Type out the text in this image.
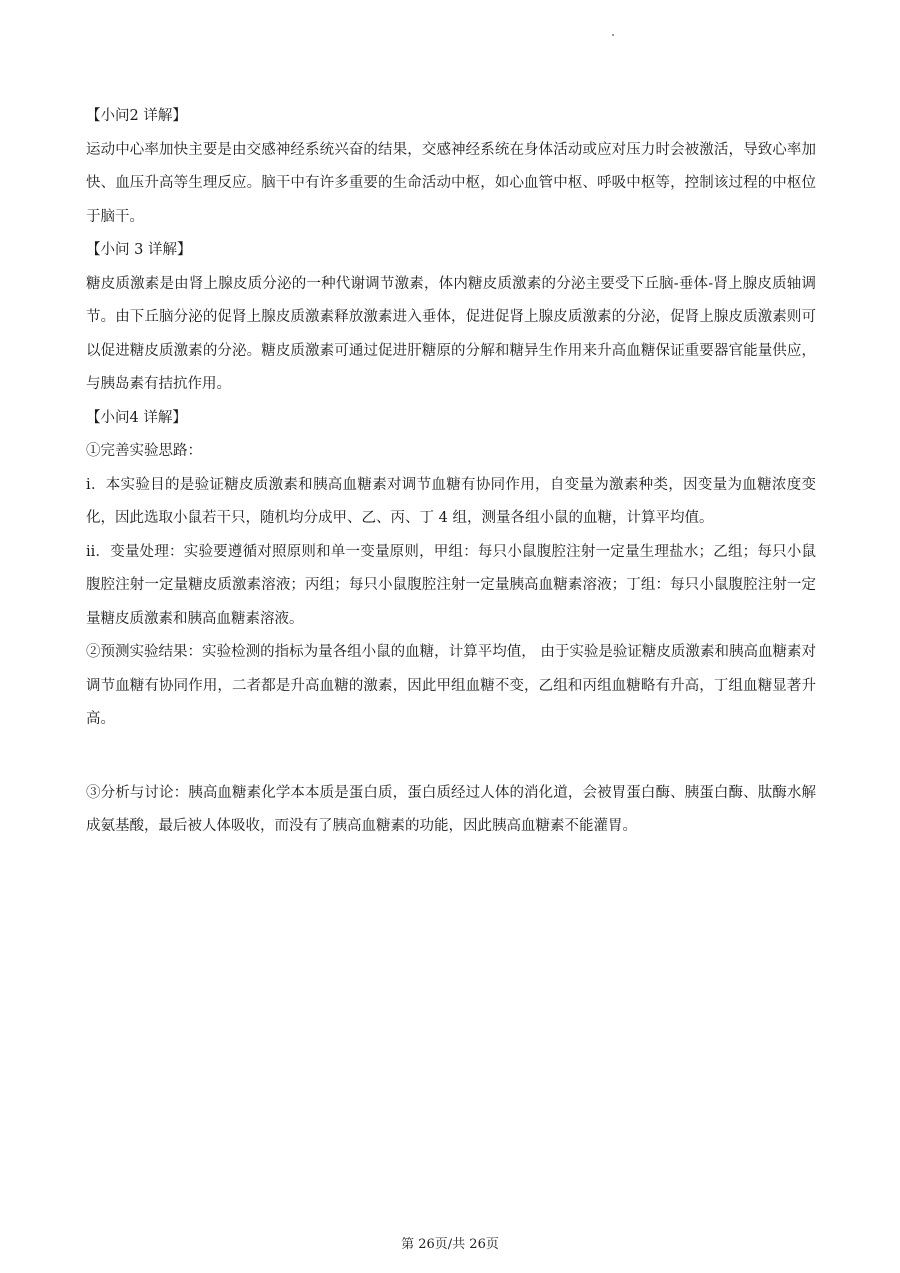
【小问2 详解】

运动中心率加快主要是由交感神经系统兴奋的结果，交感神经系统在身体活动或应对压力时会被激活，导致心率加快、血压升高等生理反应。脑干中有许多重要的生命活动中枢，如心血管中枢、呼吸中枢等，控制该过程的中枢位于脑干。

【小问 3 详解】

糖皮质激素是由肾上腺皮质分泌的一种代谢调节激素，体内糖皮质激素的分泌主要受下丘脑-垂体-肾上腺皮质轴调节。由下丘脑分泌的促肾上腺皮质激素释放激素进入垂体，促进促肾上腺皮质激素的分泌，促肾上腺皮质激素则可以促进糖皮质激素的分泌。糖皮质激素可通过促进肝糖原的分解和糖异生作用来升高血糖保证重要器官能量供应，与胰岛素有拮抗作用。

【小问4 详解】

①完善实验思路：

i．本实验目的是验证糖皮质激素和胰高血糖素对调节血糖有协同作用，自变量为激素种类，因变量为血糖浓度变化，因此选取小鼠若干只，随机均分成甲、乙、丙、丁 4 组，测量各组小鼠的血糖，计算平均值。

ii．变量处理：实验要遵循对照原则和单一变量原则，甲组：每只小鼠腹腔注射一定量生理盐水；乙组；每只小鼠腹腔注射一定量糖皮质激素溶液；丙组；每只小鼠腹腔注射一定量胰高血糖素溶液；丁组：每只小鼠腹腔注射一定量糖皮质激素和胰高血糖素溶液。

②预测实验结果：实验检测的指标为量各组小鼠的血糖，计算平均值， 由于实验是验证糖皮质激素和胰高血糖素对调节血糖有协同作用，二者都是升高血糖的激素，因此甲组血糖不变，乙组和丙组血糖略有升高，丁组血糖显著升高。

③分析与讨论：胰高血糖素化学本本质是蛋白质，蛋白质经过人体的消化道，会被胃蛋白酶、胰蛋白酶、肽酶水解成氨基酸，最后被人体吸收，而没有了胰高血糖素的功能，因此胰高血糖素不能灌胃。

第 26页/共 26页
